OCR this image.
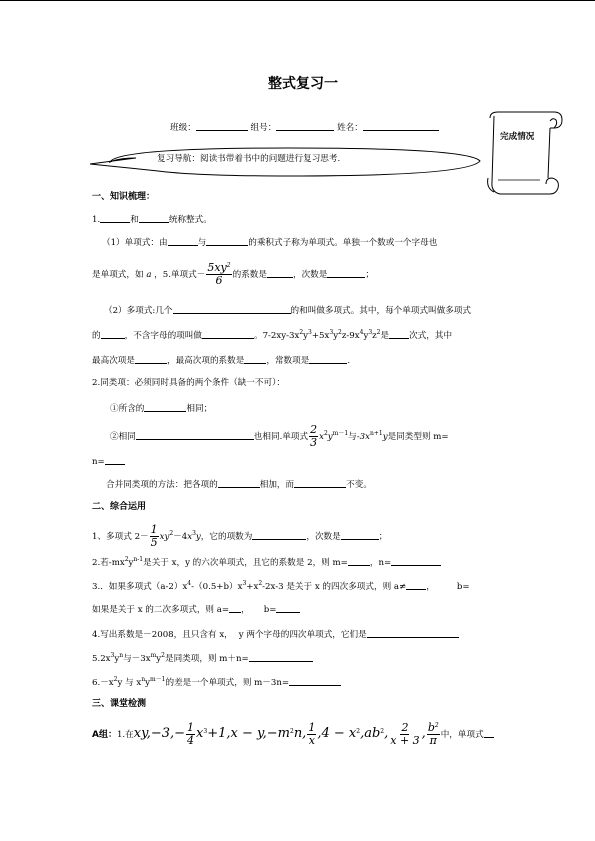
整式复习一
班级：	组号：	姓名：
完成情况
复习导航：阅读书带着书中的问题进行复习思考.
一、知识梳理：
1.	和	统称整式。
（1）单项式：由	与	的乘积式子称为单项式。单独一个数或一个字母也
是单项式，如 a ，5.单项式－ $\frac{5xy^2}{6}$ 的系数是	，次数是	；
（2）多项式:几个	的和叫做多项式。其中，每个单项式叫做多项式
的	，不含字母的项叫做	。$7-2xy-3x^2y^3+5x^3y^2z-9x^4y^3z^2$是 次式，其中
最高次项是	，最高次项的系数是	，常数项是	.
2.同类项：必须同时具备的两个条件（缺一不可）：
①所含的	相同；
②相同	也相同.单项式 $\frac{2}{3} x^2y^{m-1}$与$-3x^{n+1}y$是同类型则 m=
n=
合并同类项的方法：把各项的	相加，而	不变。
二、综合运用
1、多项式 $2- \frac{1}{5} xy^2-4x^3y$，它的项数为	，次数是	；
2.若$-mx^2y^{n-1}$是关于 x，y 的六次单项式，且它的系数是 2，则 m=	，n=
3.．如果多项式$(a-2)x^4-(0.5+b)x^3+x^2-2x-3$ 是关于 x 的四次多项式，则 a≠ ，	b=
如果是关于 x 的二次多项式，则 a= ， b=
4.写出系数是－2008，且只含有 x， y 两个字母的四次单项式，它们是
$5.2x^3y^n$与$-3x^my^2$是同类项，则 m＋n=
$6.-x^2y$ 与 $x^ny^{m-1}$的差是一个单项式，则 m－3n=
三、课堂检测
A组：1.在$xy,-3,- \frac{1}{4} x^3+1,x - y,-m^2n$, $\frac{1}{x} ,4 - x^2,ab^2$, $\frac{2}{x + 3}$ , $\frac{b^2}{\pi}$ 中，单项式
